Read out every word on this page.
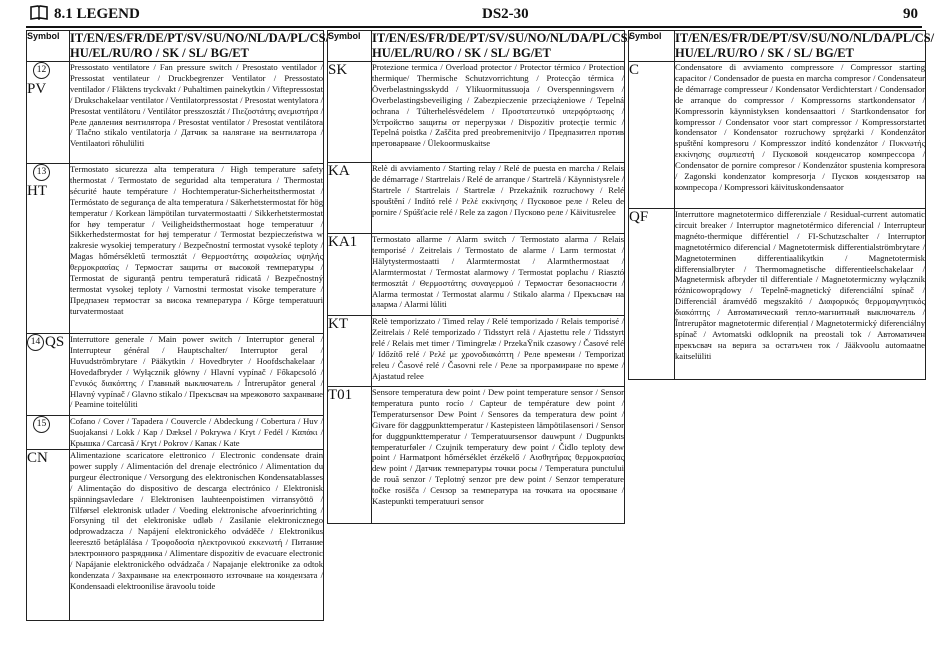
8.1 LEGEND	DS2-30	90
Symbol	IT/EN/ES/FR/DE/PT/SV/SU/NO/NL/DA/PL/CS/ HU/EL/RU/RO / SK / SL/ BG/ET

12
PV	Pressostato ventilatore / Fan pressure switch / Presostato ventilador / Pressostat ventilateur / Druckbegrenzer Ventilator / Pressostato ventilador / Fläktens tryckvakt / Puhaltimen painekytkin / Viftepressostat / Drukschakelaar ventilator / Ventilatorpressostat / Presostat wentylatora / Presostat ventilátoru / Ventilátor presszosztát / Πιεζοστάτης ανεμιστήρα / Реле давления вентилятора / Presostat ventilator / Presostat ventilátora / Tlačno stikalo ventilatorja / Датчик за налягане на вентилатора / Ventilaatori rõhulüliti

13
HT	Termostato sicurezza alta temperatura / High temperature safety thermostat / Termostato de seguridad alta temperatura / Thermostat sécurité haute température / Hochtemperatur-Sicherheitsthermostat / Termóstato de segurança de alta temperatura / Säkerhetstermostat för hög temperatur / Korkean lämpötilan turvatermostaatti / Sikkerhetstermostat for høy temperatur / Veiligheidsthermostaat hoge temperatuur / Sikkerhedstermostat for høj temperatur / Termostat bezpieczeństwa w zakresie wysokiej temperatury / Bezpečnostní termostat vysoké teploty / Magas hőmérsékletű termosztát / Θερμοστάτης ασφαλείας υψηλής θερμοκρασίας / Термостат защиты от высокой температуры / Termostat de siguranță pentru temperatură ridicată / Bezpečnostný termostat vysokej teploty / Varnostni termostat visoke temperature / Предпазен термостат за висока температура / Kõrge temperatuuri turvatermostaat

14 QS	Interruttore generale / Main power switch / Interruptor general / Interrupteur général / Hauptschalter/ Interruptor geral / Huvudströmbrytare / Pääkytkin / Hovedbryter / Hoofdschakelaar / Hovedafbryder / Wyłącznik główny / Hlavní vypínač / Főkapcsoló / Γενικός διακόπτης / Главный выключатель / Întrerupător general / Hlavný vypínač / Glavno stikalo / Прекъсвач на мрежовото захранване / Peamine toitelüliti

15	Cofano / Cover / Tapadera / Couvercle / Abdeckung / Cobertura / Huv / Suojakansi / Lokk / Kap / Dæksel / Pokrywa / Kryt / Fedél / Καπάκι / Крышка / Carcasă / Kryt / Pokrov / Капак / Kate
CN	Alimentazione scaricatore elettronico / Electronic condensate drain power supply / Alimentación del drenaje electrónico / Alimentation du purgeur électronique / Versorgung des elektronischen Kondensatablasses / Alimentação do dispositivo de descarga electrónico / Elektronisk spänningsavledare / Elektronisen lauhteenpoistimen virransyöttö / Tilførsel elektronisk utlader / Voeding elektronische afvoerinrichting / Forsyning til det elektroniske udløb / Zasilanie elektronicznego odprowadzacza / Napájení elektronického odváděče / Elektronikus leeresztő betáplálása / Τροφοδοσία ηλεκτρονικού εκκενωτή / Питание электронного разрядника / Alimentare dispozitiv de evacuare electronic / Napájanie elektronického odvádzača / Napajanje elektronike za odtok kondenzata / Захранване на електронното източване на кондензата / Kondensaadi elektroonilise äravoolu toide
Symbol	IT/EN/ES/FR/DE/PT/SV/SU/NO/NL/DA/PL/CS/ HU/EL/RU/RO / SK / SL/ BG/ET
SK	Protezione termica / Overload protector / Protector térmico / Protection thermique/ Thermische Schutzvorrichtung / Protecção térmica / Överbelastningsskydd / Ylikuormitussuoja / Overspenningsvern / Overbelastingsbeveiliging / Zabezpieczenie przeciążeniowe / Tepelná ochrana / Túlterhelésvédelem / Προστατευτικό υπερφόρτωσης / Устройство защиты от перегрузки / Dispozitiv protecție termic / Tepelná poistka / Zaščita pred preobremenitvijo / Предпазител против претоварване / Ülekoormuskaitse
KA	Relè di avviamento / Starting relay / Relé de puesta en marcha / Relais de démarrage / Startrelais / Relé de arranque / Startrelä / Käynnistysrele / Startrele / Startrelais / Startrelæ / Przekaźnik rozruchowy / Relé spouštění / Indító relé / Ρελέ εκκίνησης / Пусковое реле / Releu de pornire / Spúšťacie relé / Rele za zagon / Пусково реле / Käivitusrelee
KA1	Termostato allarme / Alarm switch / Termostato alarma / Relais temporisé / Zeitrelais / Termostato de alarme / Larm termostat / Hälytystermostaatti / Alarmtermostat / Alarmthermostaat / Alarmtermostat / Termostat alarmowy / Termostat poplachu / Riasztó termosztát / Θερμοστάτης συναγερμού / Термостат безопасности / Alarma termostat / Termostat alarmu / Stikalo alarma / Прекъсвач на аларма / Alarmi lüliti
KT	Relè temporizzato / Timed relay / Relé temporizado / Relais temporisé / Zeitrelais / Relé temporizado / Tidsstyrt relä / Ajastettu rele / Tidsstyrt relé / Relais met timer / Timingrelæ / PrzekaŸnik czasowy / Časové relé / Időzítő relé / Ρελέ με χρονοδιακόπτη / Реле времени / Temporizat releu / Časové relé / Časovni rele / Реле за програмиране по време / Ajastatud relee
T01	Sensore temperatura dew point / Dew point temperature sensor / Sensor temperatura punto rocío / Capteur de température dew point / Temperatursensor Dew Point / Sensores da temperatura dew point / Givare för daggpunkttemperatur / Kastepisteen lämpötilasensori / Sensor for duggpunkttemperatur / Temperatuursensor dauwpunt / Dugpunkts temperaturføler / Czujnik temperatury dew point / Čidlo teploty dew point / Harmatpont hőmérséklet érzékelő / Αισθητήρας θερμοκρασίας dew point / Датчик температуры точки росы / Temperatura punctului de rouă senzor / Teplotný senzor pre dew point / Senzor temperature točke rosišča / Сензор за температура на точката на оросяване / Kastepunkti temperatuuri sensor
Symbol	IT/EN/ES/FR/DE/PT/SV/SU/NO/NL/DA/PL/CS/ HU/EL/RU/RO / SK / SL/ BG/ET
C	Condensatore di avviamento compressore / Compressor starting capacitor / Condensador de puesta en marcha compresor / Condensateur de démarrage compresseur / Kondensator Verdichterstart / Condensador de arranque do compressor / Kompressorns startkondensator / Kompressorin käynnistyksen kondensaattori / Startkondensator for kompressor / Condensator voor start compressor / Kompressorstartet kondensator / Kondensator rozruchowy sprężarki / Kondenzátor spuštění kompresoru / Kompresszor indító kondenzátor / Πυκνωτής εκκίνησης συμπιεστή / Пусковой конденсатор компрессора / Condensator de pornire compresor / Kondenzátor spustenia kompresora / Zagonski kondenzator kompresorja / Пусков кондензатор на компресора / Kompressori käivituskondensaator
QF	Interruttore magnetotermico differenziale / Residual-current automatic circuit breaker / Interruptor magnetotérmico diferencial / Interrupteur magnéto-thermique différentiel / FI-Schutzschalter / Interruptor magnetotérmico diferencial / Magnetotermisk differentialströmbrytare / Magnetoterminen differentiaalikytkin / Magnetotermisk differensialbryter / Thermomagnetische differentieelschakelaar / Magnetermisk afbryder til differentiale / Magnetotermiczny wyłącznik różnicowoprądowy / Tepelně-magnetický diferenciální spínač / Differenciál áramvédő megszakító / Διαφορικός θερμομαγνητικός διακόπτης / Автоматический тепло-магнитный выключатель / Întrerupător magnetotermic diferențial / Magnetotermický diferenciálny spínač / Avtomatski odklopnik na preostali tok / Автоматичен прекъсвач на верига за остатъчен ток / Jääkvoolu automaatne kaitselüliti
